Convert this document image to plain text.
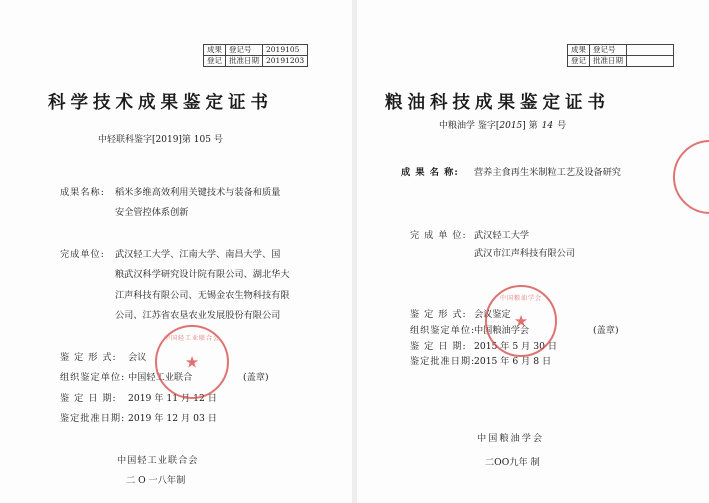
成果	登记号	2019105
登记	批准日期	20191203
科学技术成果鉴定证书
中轻联科鉴字[2019]第 105 号
成果名称: 稻米多维高效利用关键技术与装备和质量
安全管控体系创新
完成单位: 武汉轻工大学、江南大学、南昌大学、国
粮武汉科学研究设计院有限公司、湖北华大
江声科技有限公司、无锡金农生物科技有限
公司、江苏省农垦农业发展股份有限公司
鉴 定 形 式: 会议
组织鉴定单位: 中国轻工业联合	(盖章)
鉴 定 日 期: 2019 年 11 月 12 日
鉴定批准日期: 2019 年 12 月 03 日
中国轻工业联合会
二 O 一八年制
中国轻工业联合会
★
成果	登记号	
登记	批准日期	
粮油科技成果鉴定证书
中粮油学 鉴字[2015] 第 14 号
成 果 名 称: 营养主食再生米制粒工艺及设备研究
完 成 单 位: 武汉轻工大学
武汉市江声科技有限公司
鉴 定 形 式: 会议鉴定
组织鉴定单位:
中国粮油学会	(盖章)
鉴 定 日 期: 2015 年 5 月 30 日
鉴定批准日期:
2015 年 6 月 8 日
中国粮油学会
二OO九年 制
中国粮油学会
★
